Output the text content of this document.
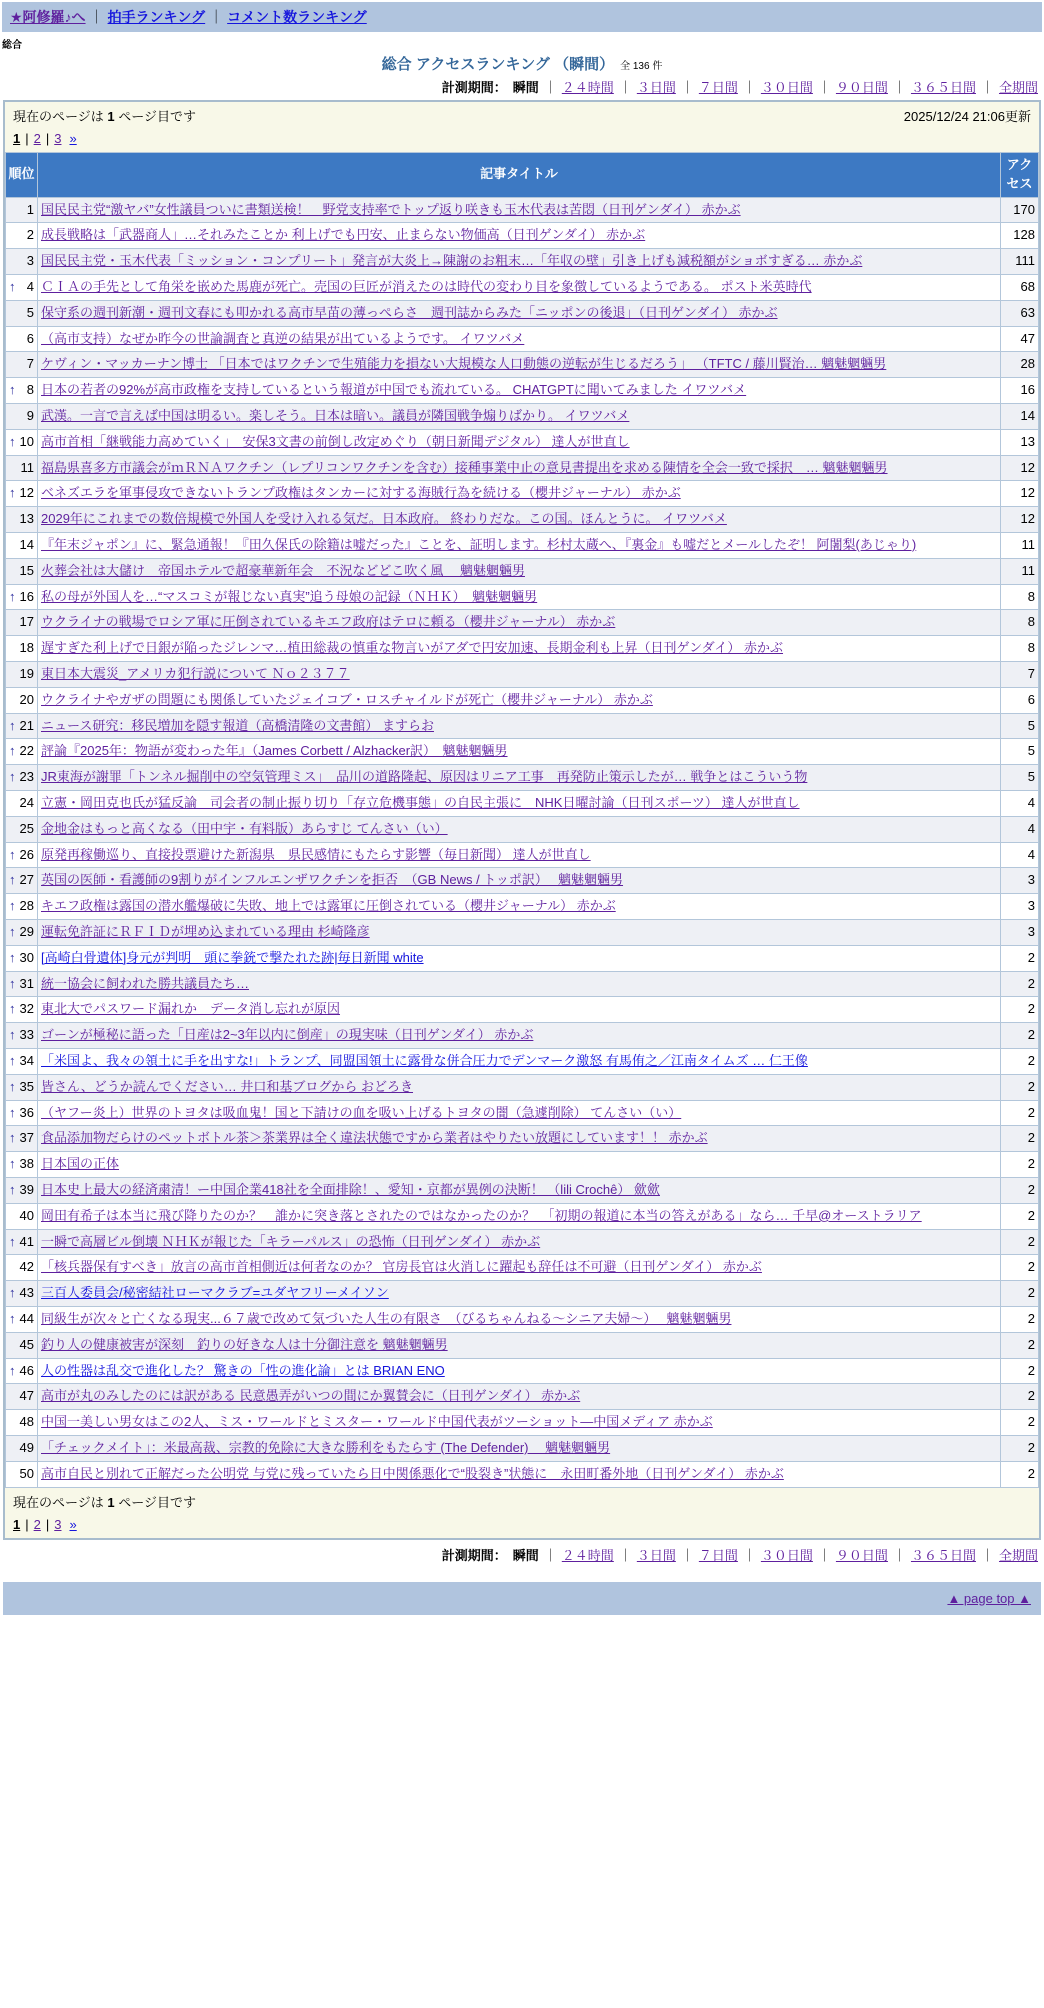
★阿修羅♪へ ｜ 拍手ランキング ｜ コメント数ランキング
総合
総合 アクセスランキング （瞬間） 全 136 件
計測期間： 瞬間 ｜ ２４時間 ｜ ３日間 ｜ ７日間 ｜ ３０日間 ｜ ９０日間 ｜ ３６５日間 ｜ 全期間
現在のページは 1 ページ目です	2025/12/24 21:06更新
1 | 2 | 3 »
順位	記事タイトル	アクセス

1	国民民主党“激ヤバ”女性議員ついに書類送検！　野党支持率でトップ返り咲きも玉木代表は苦悶（日刊ゲンダイ） 赤かぶ	170

2	成長戦略は「武器商人」…それみたことか 利上げでも円安、止まらない物価高（日刊ゲンダイ） 赤かぶ	128

3	国民民主党・玉木代表「ミッション・コンプリート」発言が大炎上→陳謝のお粗末…「年収の壁」引き上げも減税額がショボすぎる… 赤かぶ	111

↑ 4	ＣＩＡの手先として角栄を嵌めた馬鹿が死亡。売国の巨匠が消えたのは時代の変わり目を象徴しているようである。 ポスト米英時代	68

5	保守系の週刊新潮・週刊文春にも叩かれる高市早苗の薄っぺらさ　週刊誌からみた「ニッポンの後退」（日刊ゲンダイ） 赤かぶ	63

6	（高市支持）なぜか昨今の世論調査と真逆の結果が出ているようです。 イワツバメ	47

7	ケヴィン・マッカーナン博士 「日本ではワクチンで生殖能力を損ない大規模な人口動態の逆転が生じるだろう」 （TFTC / 藤川賢治… 魑魅魍魎男	28

↑ 8	日本の若者の92%が高市政権を支持しているという報道が中国でも流れている。 CHATGPTに聞いてみました イワツバメ	16

9	武漢。一言で言えば中国は明るい。楽しそう。日本は暗い。議員が隣国戦争煽りばかり。 イワツバメ	14

↑ 10	高市首相「継戦能力高めていく」　安保3文書の前倒し改定めぐり（朝日新聞デジタル） 達人が世直し	13

11	福島県喜多方市議会がｍＲＮＡワクチン（レプリコンワクチンを含む）接種事業中止の意見書提出を求める陳情を全会一致で採択　… 魑魅魍魎男	12

↑ 12	ベネズエラを軍事侵攻できないトランプ政権はタンカーに対する海賊行為を続ける（櫻井ジャーナル） 赤かぶ	12

13	2029年にこれまでの数倍規模で外国人を受け入れる気だ。日本政府。 終わりだな。この国。ほんとうに。 イワツバメ	12

14	『年末ジャポン』に、緊急通報！『田久保氏の除籍は嘘だった』ことを、証明します。杉村太蔵へ、『裏金』も嘘だとメールしたぞ！ 阿闍梨(あじゃり)	11

15	火葬会社は大儲け　帝国ホテルで超豪華新年会　不況などどこ吹く風　 魑魅魍魎男	11

↑ 16	私の母が外国人を…“マスコミが報じない真実”追う母娘の記録（ＮＨＫ）　魑魅魍魎男	8

17	ウクライナの戦場でロシア軍に圧倒されているキエフ政府はテロに頼る（櫻井ジャーナル） 赤かぶ	8

18	遅すぎた利上げで日銀が陥ったジレンマ…植田総裁の慎重な物言いがアダで円安加速、長期金利も上昇（日刊ゲンダイ） 赤かぶ	8

19	東日本大震災_アメリカ犯行説について Ｎｏ２３７７	7

20	ウクライナやガザの問題にも関係していたジェイコブ・ロスチャイルドが死亡（櫻井ジャーナル） 赤かぶ	6

↑ 21	ニュース研究：移民増加を隠す報道（高橋清隆の文書館） ますらお	5

↑ 22	評論『2025年：物語が変わった年』（James Corbett / Alzhacker訳）　魑魅魍魎男	5

↑ 23	JR東海が謝罪「トンネル掘削中の空気管理ミス」　品川の道路隆起、原因はリニア工事　再発防止策示したが… 戦争とはこういう物	5

24	立憲・岡田克也氏が猛反論　司会者の制止振り切り「存立危機事態」の自民主張に　NHK日曜討論（日刊スポーツ） 達人が世直し	4

25	金地金はもっと高くなる（田中宇・有料版）あらすじ てんさい（い）	4

↑ 26	原発再稼働巡り、直接投票避けた新潟県　県民感情にもたらす影響（毎日新聞） 達人が世直し	4

↑ 27	英国の医師・看護師の9割りがインフルエンザワクチンを拒否　（GB News / トッポ訳）　 魑魅魍魎男	3

↑ 28	キエフ政権は露国の潜水艦爆破に失敗、地上では露軍に圧倒されている（櫻井ジャーナル） 赤かぶ	3

↑ 29	運転免許証にＲＦＩＤが埋め込まれている理由 杉崎隆彦	3

↑ 30	[高崎白骨遺体]身元が判明　頭に拳銃で撃たれた跡|毎日新聞 white	2

↑ 31	統一協会に飼われた勝共議員たち…	2

↑ 32	東北大でパスワード漏れか　データ消し忘れが原因	2

↑ 33	ゴーンが極秘に語った「日産は2~3年以内に倒産」の現実味（日刊ゲンダイ） 赤かぶ	2

↑ 34	「米国よ、我々の領土に手を出すな!」トランプ、同盟国領土に露骨な併合圧力でデンマーク激怒 有馬侑之／江南タイムズ … 仁王像	2

↑ 35	皆さん、どうか読んでください… 井口和基ブログから おどろき	2

↑ 36	（ヤフー炎上）世界のトヨタは吸血鬼！国と下請けの血を吸い上げるトヨタの闇（急遽削除） てんさい（い）	2

↑ 37	食品添加物だらけのペットボトル茶＞茶業界は全く違法状態ですから業者はやりたい放題にしています！！ 赤かぶ	2

↑ 38	日本国の正体	2

↑ 39	日本史上最大の経済粛清！ー中国企業418社を全面排除！、愛知・京都が異例の決断！ （lili Crochê） 歛歛	2

40	岡田有希子は本当に飛び降りたのか？　誰かに突き落とされたのではなかったのか？　「初期の報道に本当の答えがある」なら… 千早@オーストラリア	2

↑ 41	一瞬で高層ビル倒壊 ＮＨＫが報じた「キラーパルス」の恐怖（日刊ゲンダイ） 赤かぶ	2

42	「核兵器保有すべき」放言の高市首相側近は何者なのか？ 官房長官は火消しに躍起も辞任は不可避（日刊ゲンダイ） 赤かぶ	2

↑ 43	三百人委員会/秘密結社ローマクラブ=ユダヤフリーメイソン	2

↑ 44	同級生が次々と亡くなる現実...６７歳で改めて気づいた人生の有限さ　（びるちゃんねる～シニア夫婦～）　 魑魅魍魎男	2

45	釣り人の健康被害が深刻　釣りの好きな人は十分御注意を 魑魅魍魎男	2

↑ 46	人の性器は乱交で進化した？ 驚きの「性の進化論」とは BRIAN ENO	2

47	高市が丸のみしたのには訳がある 民意愚弄がいつの間にか翼賛会に（日刊ゲンダイ） 赤かぶ	2

48	中国一美しい男女はこの2人、ミス・ワールドとミスター・ワールド中国代表がツーショット―中国メディア 赤かぶ	2

49	「チェックメイト」：米最高裁、宗教的免除に大きな勝利をもたらす (The Defender)　 魑魅魍魎男	2

50	高市自民と別れて正解だった公明党 与党に残っていたら日中関係悪化で“股裂き”状態に　永田町番外地（日刊ゲンダイ） 赤かぶ	2
現在のページは 1 ページ目です
1 | 2 | 3 »
計測期間： 瞬間 ｜ ２４時間 ｜ ３日間 ｜ ７日間 ｜ ３０日間 ｜ ９０日間 ｜ ３６５日間 ｜ 全期間
▲ page top ▲
